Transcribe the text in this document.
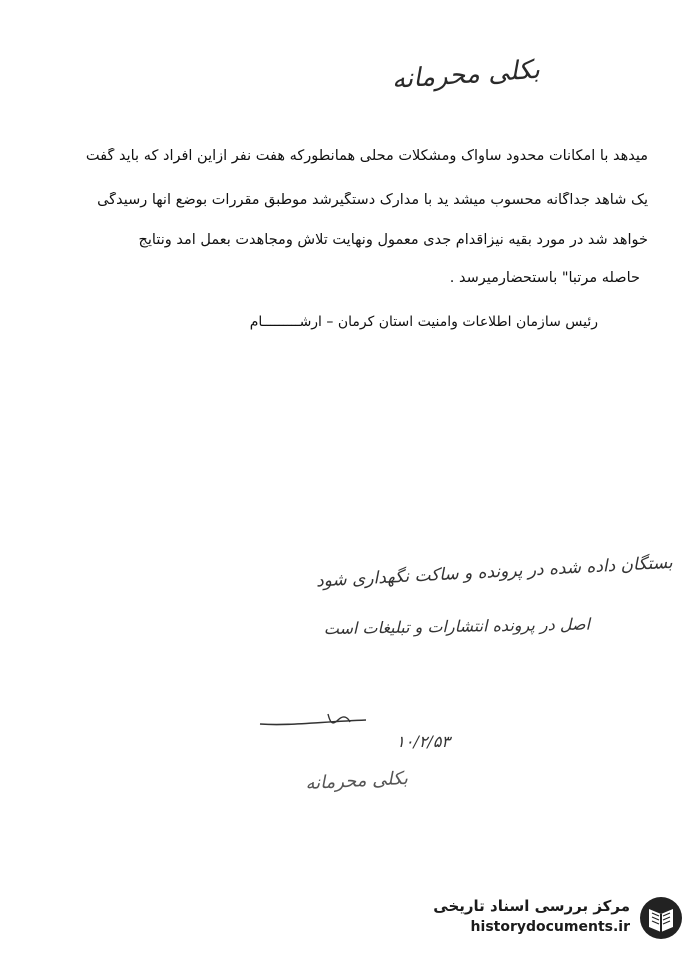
بکلی محرمانه
میدهد با امکانات محدود ساواک ومشکلات محلی همانطورکه هفت نفر ازاین افراد که باید گفت
یک شاهد جداگانه محسوب میشد ید با مدارک دستگیرشد موطبق مقررات بوضع آنها رسیدگی
خواهد شد در مورد بقیه نیزاقدام جدی معمول ونهایت تلاش ومجاهدت بعمل امد ونتایج
حاصله مرتبا" باستحضارمیرسد .
رئیس سازمان اطلاعات وامنیت استان کرمان – ارشـــــــــام
بستگان داده شده در پرونده و ساکت نگهداری شود
اصل در پرونده انتشارات و تبلیغات است
۱۰/۲/۵۳
بکلی محرمانه
مرکز بررسی اسناد تاریخی
historydocuments.ir
